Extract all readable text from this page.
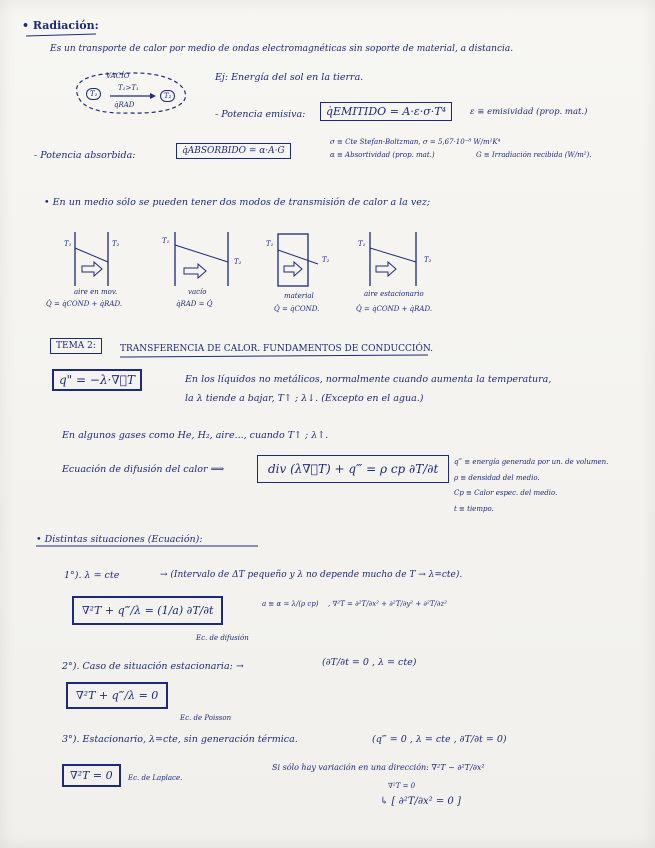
• Radiación:
Es un transporte de calor por medio de ondas electromagnéticas sin soporte de material, a distancia.
VACÍO
T₁>T₁
T₁	T₂
q̇RAD
Ej: Energía del sol en la tierra.
- Potencia emisiva:	q̇EMITIDO = A·ε·σ·T⁴	ε ≡ emisividad (prop. mat.)
σ ≡ Cte Stefan-Boltzman, σ = 5,67·10⁻⁸ W/m²K⁴
α ≡ Absortividad (prop. mat.)	G ≡ Irradiación recibida (W/m²).
- Potencia absorbida:	q̇ABSORBIDO = α·A·G
• En un medio sólo se pueden tener dos modos de transmisión de calor a la vez;
T₁	T₂
aire en mov.
Q̇ = q̇COND + q̇RAD.
T₁
T₂
vacío
q̇RAD = Q̇
T₁
T₂
material
Q̇ = q̇COND.
T₁
T₂
aire estacionario
Q̇ = q̇COND + q̇RAD.
TEMA 2:	TRANSFERENCIA DE CALOR. FUNDAMENTOS DE CONDUCCIÓN.
q" = −λ·∇⃗T	En los líquidos no metálicos, normalmente cuando aumenta la temperatura,
la λ tiende a bajar, T↑ ; λ↓. (Excepto en el agua.)
En algunos gases como He, H₂, aire..., cuando T↑ ; λ↑.
Ecuación de difusión del calor ⟹	div (λ∇⃗T) + q‴ = ρ cp ∂T/∂t	q‴ ≡ energía generada por un. de volumen.
ρ ≡ densidad del medio.
Cp ≡ Calor espec. del medio.
t ≡ tiempo.
• Distintas situaciones (Ecuación):
1°). λ = cte	→ (Intervalo de ΔT pequeño y λ no depende mucho de T → λ=cte).
∇²T + q‴/λ = (1/a) ∂T/∂t
Ec. de difusión
a ≡ α = λ/(ρ cp) , ∇²T = ∂²T/∂x² + ∂²T/∂y² + ∂²T/∂z²
2°). Caso de situación estacionaria: →	(∂T/∂t = 0 , λ = cte)
∇²T + q‴/λ = 0
Ec. de Poisson
3°). Estacionario, λ=cte, sin generación térmica.	(q‴ = 0 , λ = cte , ∂T/∂t = 0)
∇²T = 0	Ec. de Laplace.
Si sólo hay variación en una dirección: ∇²T ~ ∂²T/∂x²
∇²T = 0
↳ [ ∂²T/∂x² = 0 ]
